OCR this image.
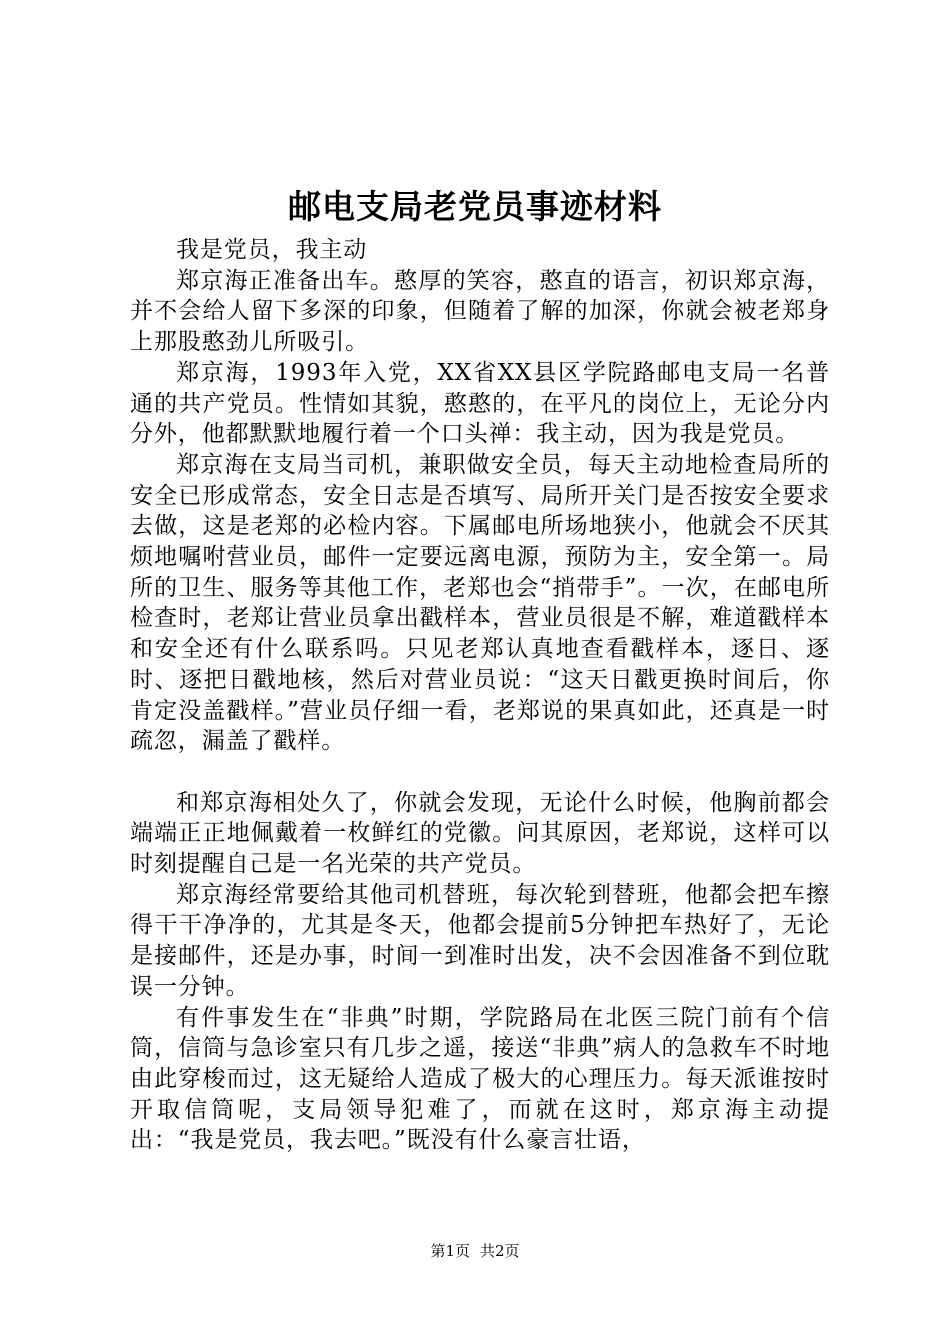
邮电支局老党员事迹材料

我是党员，我主动

郑京海正准备出车。憨厚的笑容，憨直的语言，初识郑京海，并不会给人留下多深的印象，但随着了解的加深，你就会被老郑身上那股憨劲儿所吸引。

郑京海，1993年入党，XX省XX县区学院路邮电支局一名普通的共产党员。性情如其貌，憨憨的，在平凡的岗位上，无论分内分外，他都默默地履行着一个口头禅：我主动，因为我是党员。

郑京海在支局当司机，兼职做安全员，每天主动地检查局所的安全已形成常态，安全日志是否填写、局所开关门是否按安全要求去做，这是老郑的必检内容。下属邮电所场地狭小，他就会不厌其烦地嘱咐营业员，邮件一定要远离电源，预防为主，安全第一。局所的卫生、服务等其他工作，老郑也会“捎带手”。一次，在邮电所检查时，老郑让营业员拿出戳样本，营业员很是不解，难道戳样本和安全还有什么联系吗。只见老郑认真地查看戳样本，逐日、逐时、逐把日戳地核，然后对营业员说：“这天日戳更换时间后，你肯定没盖戳样。”营业员仔细一看，老郑说的果真如此，还真是一时疏忽，漏盖了戳样。

和郑京海相处久了，你就会发现，无论什么时候，他胸前都会端端正正地佩戴着一枚鲜红的党徽。问其原因，老郑说，这样可以时刻提醒自己是一名光荣的共产党员。

郑京海经常要给其他司机替班，每次轮到替班，他都会把车擦得干干净净的，尤其是冬天，他都会提前5分钟把车热好了，无论是接邮件，还是办事，时间一到准时出发，决不会因准备不到位耽误一分钟。

有件事发生在“非典”时期，学院路局在北医三院门前有个信筒，信筒与急诊室只有几步之遥，接送“非典”病人的急救车不时地由此穿梭而过，这无疑给人造成了极大的心理压力。每天派谁按时开取信筒呢，支局领导犯难了，而就在这时，郑京海主动提出：“我是党员，我去吧。”既没有什么豪言壮语，

第1页 共2页
